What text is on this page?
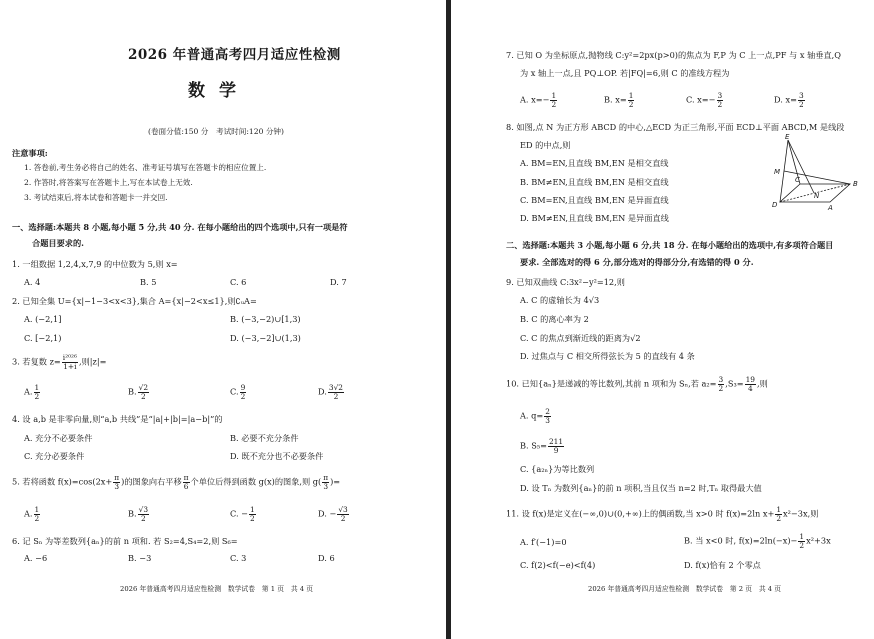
2026 年普通高考四月适应性检测
数学
(卷面分值:150 分　考试时间:120 分钟)
注意事项:
1. 答卷前,考生务必将自己的姓名、准考证号填写在答题卡的相应位置上.
2. 作答时,将答案写在答题卡上,写在本试卷上无效.
3. 考试结束后,将本试卷和答题卡一并交回.
一、选择题:本题共 8 小题,每小题 5 分,共 40 分. 在每小题给出的四个选项中,只有一项是符
合题目要求的.
1. 一组数据 1,2,4,x,7,9 的中位数为 5,则 x=
A. 4	B. 5	C. 6	D. 7
2. 已知全集 U={x|−1−3<x<3},集合 A={x|−2<x≤1},则∁ᵤA=
A. (−2,1]	B. (−3,−2)∪[1,3)
C. [−2,1)	D. (−3,−2]∪(1,3)
3. 若复数 $z= \frac{\text{i²⁰²⁶}}{1+i}$ ,则|z|=
A. $\frac{1}{2}$	B. $\frac{√2}{2}$	C. $\frac{9}{2}$	D. $\frac{3√2}{2}$
4. 设 a,b 是非零向量,则“a,b 共线”是“|a|+|b|=|a−b|”的
A. 充分不必要条件	B. 必要不充分条件
C. 充分必要条件	D. 既不充分也不必要条件
5. 若将函数 $f(x)=\cos(2x+ \frac{\pi}{3}$ )的图象向右平移 $\frac{\pi}{6}$ 个单位后得到函数 g(x)的图象,则 $g( \frac{\pi}{3}$ )=
A. $\frac{1}{2}$	B. $\frac{√3}{2}$	C. − $\frac{1}{2}$	D. − $\frac{√3}{2}$
6. 记 Sₙ 为等差数列{aₙ}的前 n 项和. 若 S₂=4,S₄=2,则 S₆=
A. −6	B. −3	C. 3	D. 6
2026 年普通高考四月适应性检测　数学试卷　第 1 页　共 4 页
7. 已知 O 为坐标原点,抛物线 C:y²=2px(p>0)的焦点为 F,P 为 C 上一点,PF 与 x 轴垂直,Q
为 x 轴上一点,且 PQ⊥OP. 若|FQ|=6,则 C 的准线方程为
A. $x=- \frac{1}{2}$	B. $x= \frac{1}{2}$	C. $x=- \frac{3}{2}$	D. $x= \frac{3}{2}$
8. 如图,点 N 为正方形 ABCD 的中心,△ECD 为正三角形,平面 ECD⊥平面 ABCD,M 是线段
ED 的中点,则
A. BM=EN,且直线 BM,EN 是相交直线
B. BM≠EN,且直线 BM,EN 是相交直线
C. BM=EN,且直线 BM,EN 是异面直线
D. BM≠EN,且直线 BM,EN 是异面直线
E
M
C
N
B
D	A
二、选择题:本题共 3 小题,每小题 6 分,共 18 分. 在每小题给出的选项中,有多项符合题目
要求. 全部选对的得 6 分,部分选对的得部分分,有选错的得 0 分.
9. 已知双曲线 C:3x²−y²=12,则
A. C 的虚轴长为 4√3
B. C 的离心率为 2
C. C 的焦点到渐近线的距离为√2
D. 过焦点与 C 相交所得弦长为 5 的直线有 4 条
10. 已知{aₙ}是递减的等比数列,其前 n 项和为 Sₙ,若 $a_2= \frac{3}{2} ,S_3= \frac{19}{4}$ ,则
A. $q= \frac{2}{3}$
B. $S_5= \frac{211}{9}$
C. {a₂ₙ}为等比数列
D. 设 Tₙ 为数列{aₙ}的前 n 项积,当且仅当 n=2 时,Tₙ 取得最大值
11. 设 f(x)是定义在(−∞,0)∪(0,+∞)上的偶函数,当 x>0 时 f(x)=2ln $x+ \frac{1}{2} x^2-3x$,则
A. f′(−1)=0	B. 当 x<0 时, $f(x)=2\ln(-x)- \frac{1}{2} x^2+3x$
C. f(2)<f(−e)<f(4)	D. f(x)恰有 2 个零点
2026 年普通高考四月适应性检测　数学试卷　第 2 页　共 4 页
